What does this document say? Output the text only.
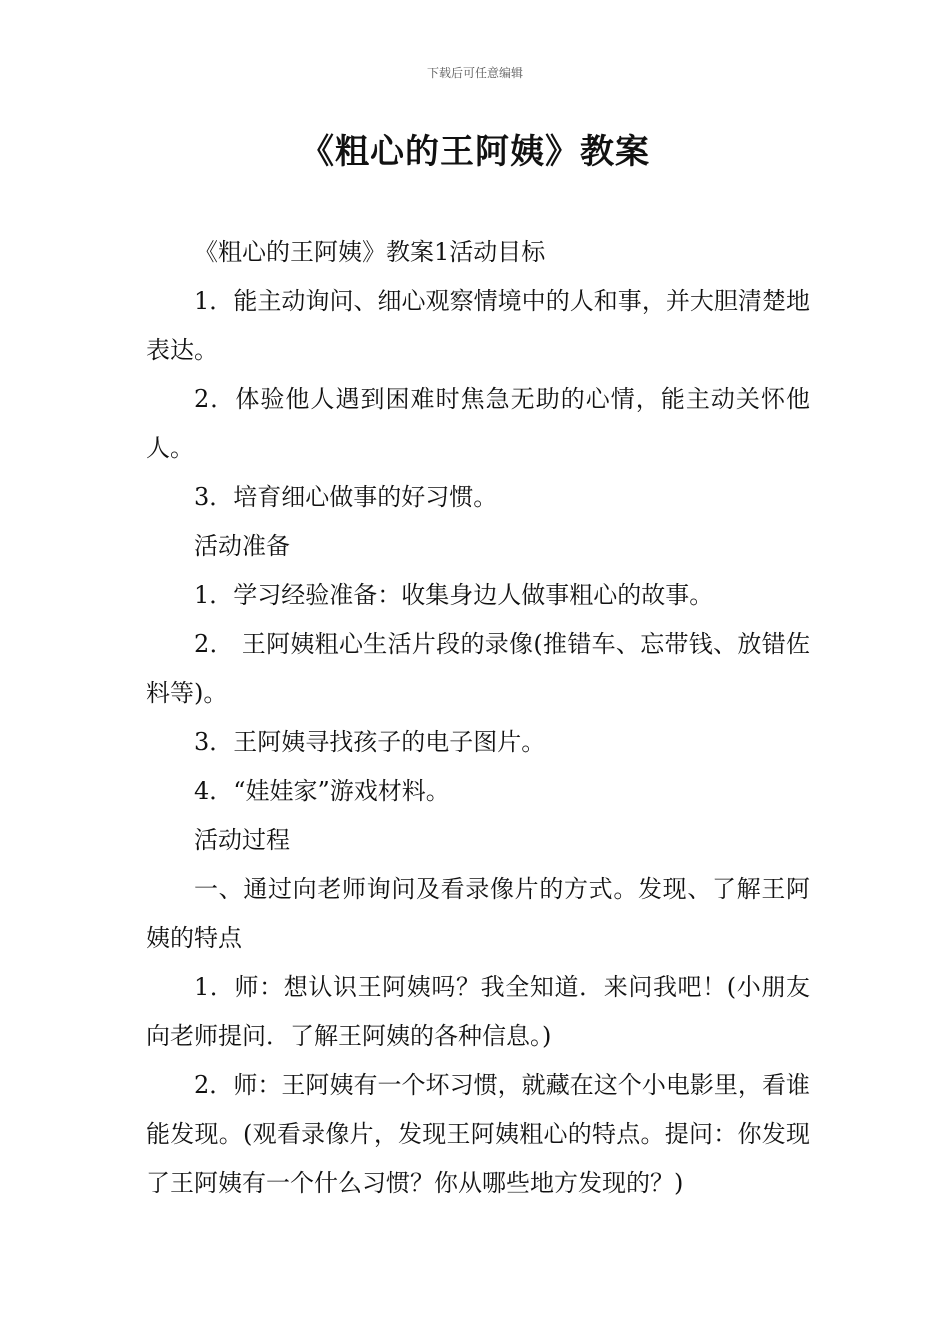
下载后可任意编辑
《粗心的王阿姨》教案

《粗心的王阿姨》教案1活动目标

1．能主动询问、细心观察情境中的人和事，并大胆清楚地表达。

2．体验他人遇到困难时焦急无助的心情，能主动关怀他人。

3．培育细心做事的好习惯。

活动准备

1．学习经验准备：收集身边人做事粗心的故事。

2． 王阿姨粗心生活片段的录像(推错车、忘带钱、放错佐料等)。

3．王阿姨寻找孩子的电子图片。

4．“娃娃家”游戏材料。

活动过程

一、通过向老师询问及看录像片的方式。发现、了解王阿姨的特点

1．师：想认识王阿姨吗？我全知道．来问我吧！(小朋友向老师提问．了解王阿姨的各种信息。)

2．师：王阿姨有一个坏习惯，就藏在这个小电影里，看谁能发现。(观看录像片，发现王阿姨粗心的特点。提问：你发现了王阿姨有一个什么习惯？你从哪些地方发现的？)
